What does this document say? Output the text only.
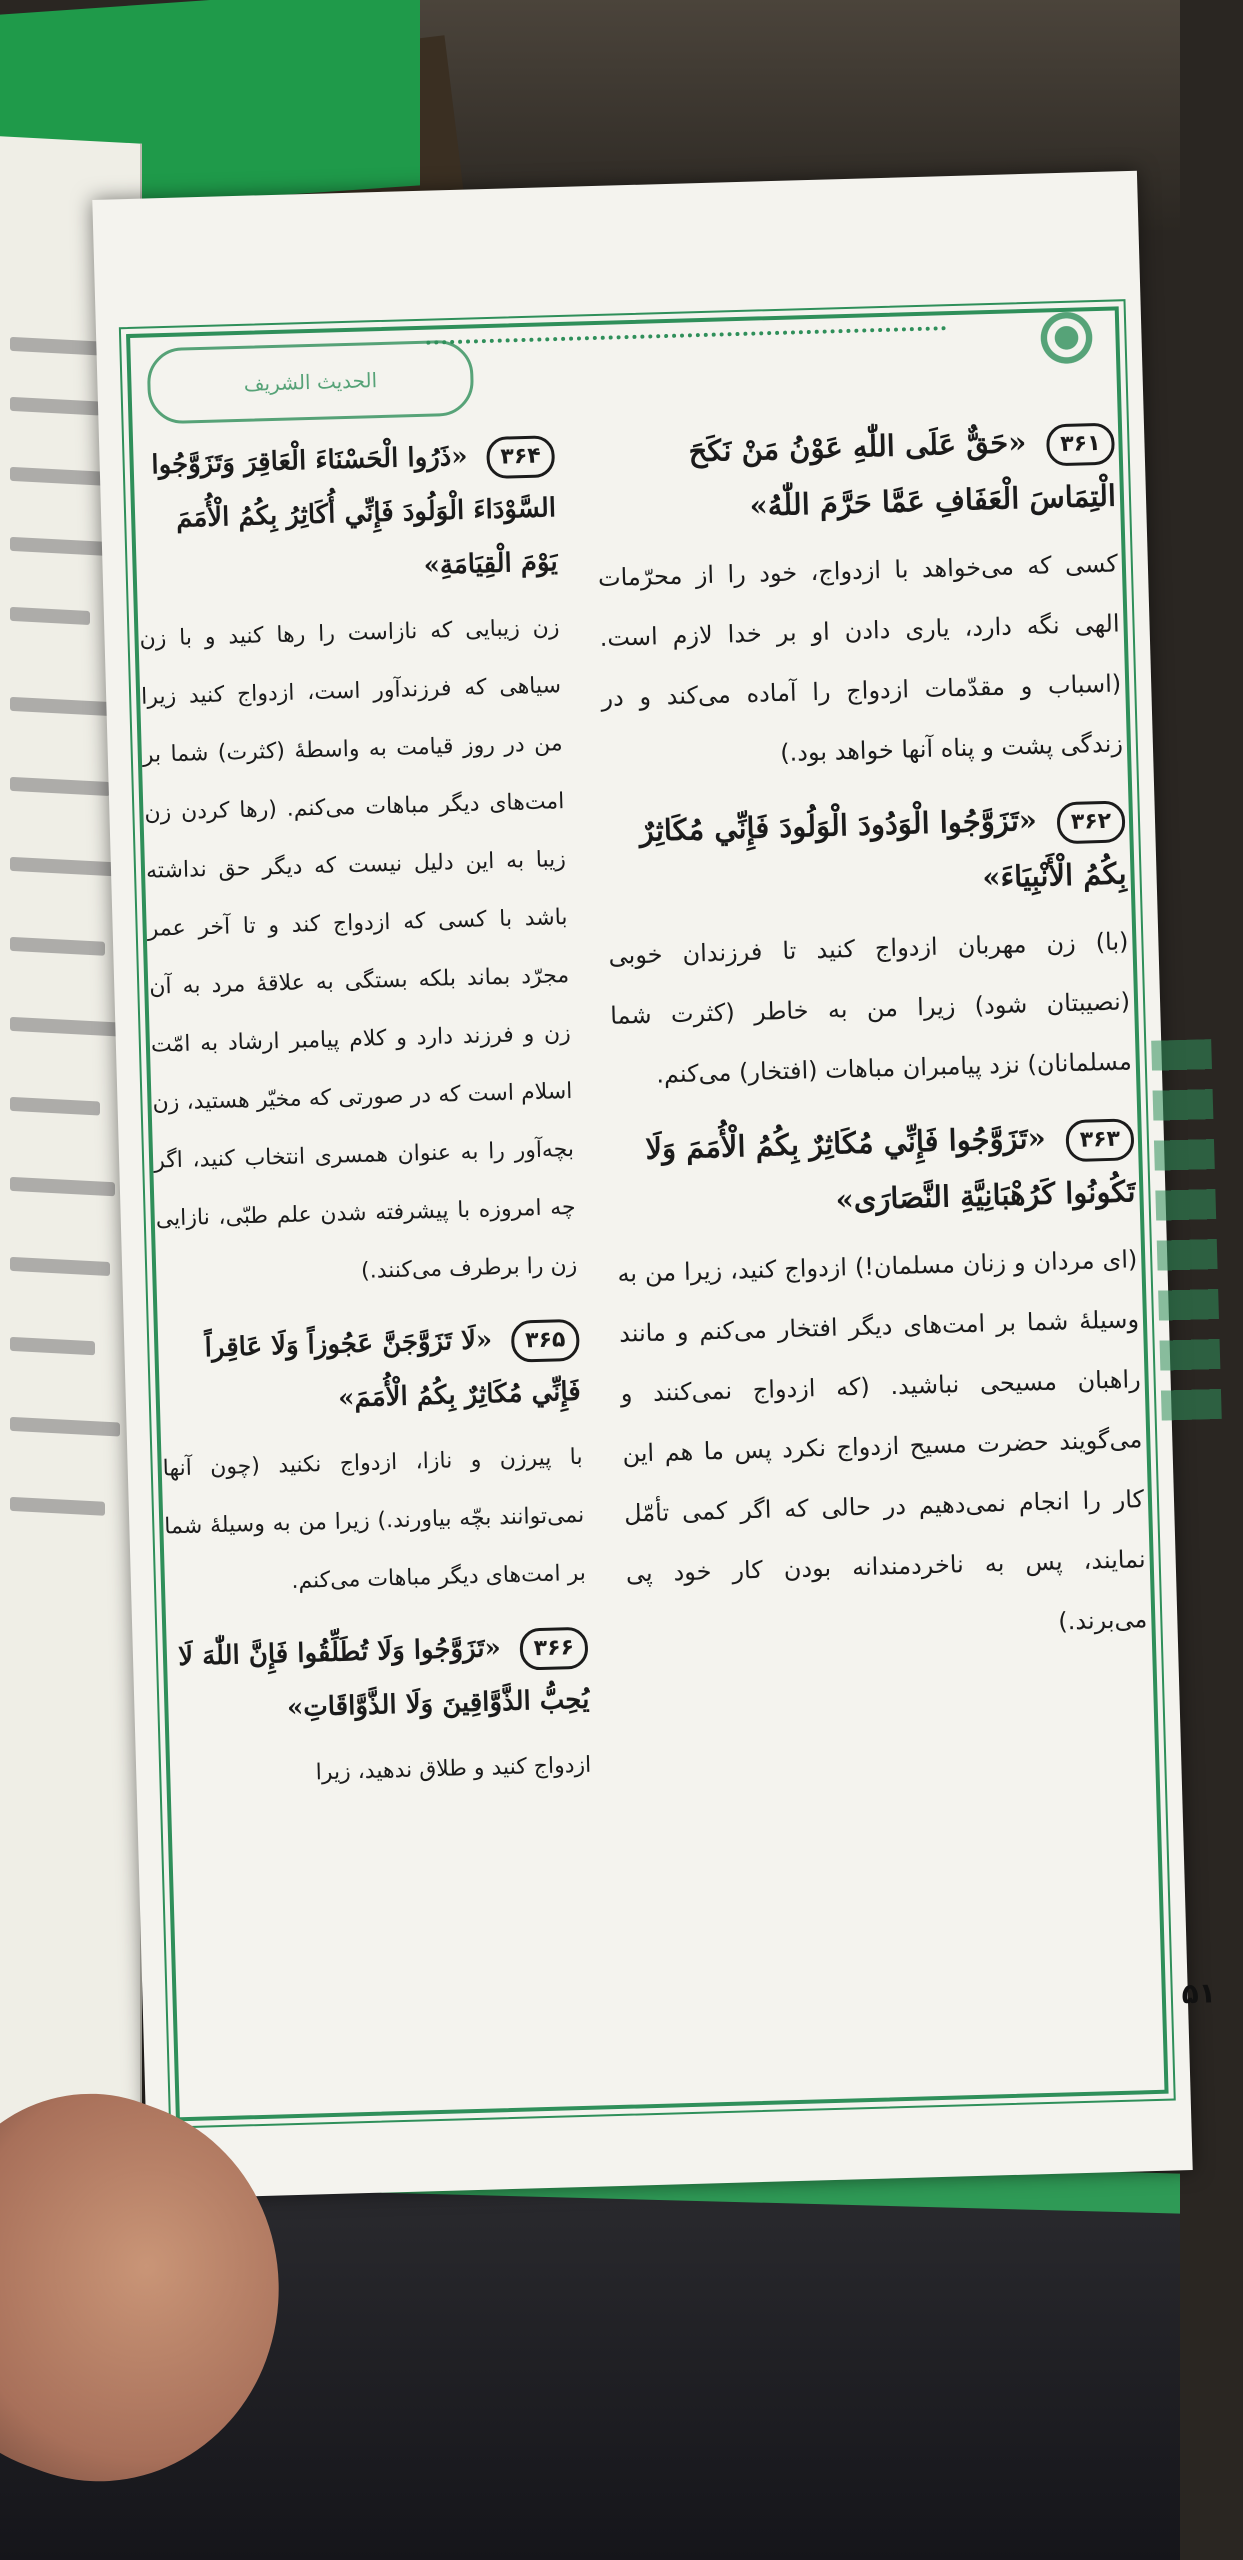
الحدیث الشریف
۳۶۱ «حَقٌّ عَلَى اللّٰهِ عَوْنُ مَنْ نَكَحَ الْتِمَاسَ الْعَفَافِ عَمَّا حَرَّمَ اللّٰهُ»

کسی که می‌خواهد با ازدواج، خود را از محرّمات الهی نگه دارد، یاری دادن او بر خدا لازم است. (اسباب و مقدّمات ازدواج را آماده می‌کند و در زندگی پشت و پناه آنها خواهد بود.)

۳۶۲ «تَزَوَّجُوا الْوَدُودَ الْوَلُودَ فَإِنِّي مُكَاثِرٌ بِكُمُ الْأَنْبِيَاءَ»

(با) زن مهربان ازدواج کنید تا فرزندان خوبی (نصیبتان شود) زیرا من به خاطر (کثرت شما مسلمانان) نزد پیامبران مباهات (افتخار) می‌کنم.

۳۶۳ «تَزَوَّجُوا فَإِنِّي مُكَاثِرٌ بِكُمُ الْأُمَمَ وَلَا تَكُونُوا كَرُهْبَانِيَّةِ النَّصَارَى»

(ای مردان و زنان مسلمان!) ازدواج کنید، زیرا من به وسیلهٔ شما بر امت‌های دیگر افتخار می‌کنم و مانند راهبان مسیحی نباشید. (که ازدواج نمی‌کنند و می‌گویند حضرت مسیح ازدواج نکرد پس ما هم این کار را انجام نمی‌دهیم در حالی که اگر کمی تأمّل نمایند، پس به ناخردمندانه بودن کار خود پی می‌برند.)

۳۶۴ «ذَرُوا الْحَسْنَاءَ الْعَاقِرَ وَتَزَوَّجُوا السَّوْدَاءَ الْوَلُودَ فَإِنِّي أُكَاثِرُ بِكُمُ الْأُمَمَ يَوْمَ الْقِيَامَةِ»

زن زیبایی که نازاست را رها کنید و با زن سیاهی که فرزندآور است، ازدواج کنید زیرا من در روز قیامت به واسطهٔ (کثرت) شما بر امت‌های دیگر مباهات می‌کنم. (رها کردن زن زیبا به این دلیل نیست که دیگر حق نداشته باشد با کسی که ازدواج کند و تا آخر عمر مجرّد بماند بلکه بستگی به علاقهٔ مرد به آن زن و فرزند دارد و کلام پیامبر ارشاد به امّت اسلام است که در صورتی که مخیّر هستید، زن بچه‌آور را به عنوان همسری انتخاب کنید، اگر چه امروزه با پیشرفته شدن علم طبّی، نازایی زن را برطرف می‌کنند.)

۳۶۵ «لَا تَزَوَّجَنَّ عَجُوزاً وَلَا عَاقِراً فَإِنِّي مُكَاثِرٌ بِكُمُ الْأُمَمَ»

با پیرزن و نازا، ازدواج نکنید (چون آنها نمی‌توانند بچّه بیاورند.) زیرا من به وسیلهٔ شما بر امت‌های دیگر مباهات می‌کنم.

۳۶۶ «تَزَوَّجُوا وَلَا تُطَلِّقُوا فَإِنَّ اللّٰهَ لَا يُحِبُّ الذَّوَّاقِينَ وَلَا الذَّوَّاقَاتِ»

ازدواج کنید و طلاق ندهید، زیرا

۵۱
